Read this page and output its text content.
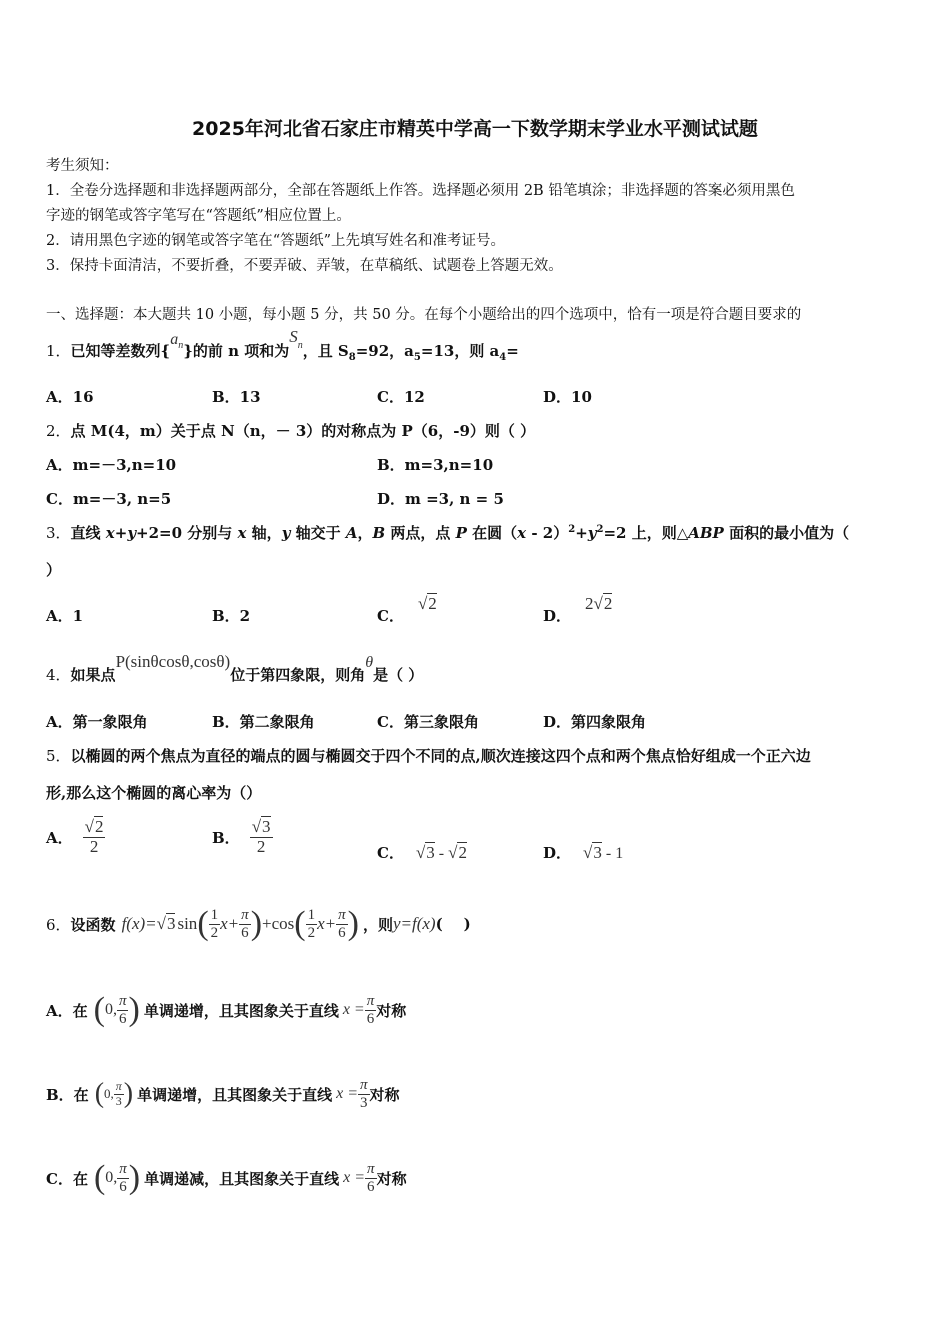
2025年河北省石家庄市精英中学高一下数学期末学业水平测试试题
考生须知：
1．全卷分选择题和非选择题两部分，全部在答题纸上作答。选择题必须用 2B 铅笔填涂；非选择题的答案必须用黑色
字迹的钢笔或答字笔写在“答题纸”相应位置上。
2．请用黑色字迹的钢笔或答字笔在“答题纸”上先填写姓名和准考证号。
3．保持卡面清洁，不要折叠，不要弄破、弄皱，在草稿纸、试题卷上答题无效。
一、选择题：本大题共 10 小题，每小题 5 分，共 50 分。在每个小题给出的四个选项中，恰有一项是符合题目要求的
1．已知等差数列$\{a_n\}$的前 n 项和为$S_n$，且 $S_8=92$，$a_5=13$，则 $a_4=$
A．16	B．13	C．12	D．10
2．点 M(4，m）关于点 N（n，－ 3）的对称点为 P（6，-9）则（ ）
A．m=－3,n=10	B．m=3,n=10
C．m=－3, n=5	D．m =3, n = 5
3．直线 x+y+2=0 分别与 x 轴，y 轴交于 A，B 两点，点 P 在圆$(x - 2)^2+y^2=2$ 上，则△ABP 面积的最小值为（
）
A．1	B．2	C．√2
D．2√2
4．如果点P(sinθcosθ,cosθ)位于第四象限，则角θ是（ ）
A．第一象限角	B．第二象限角	C．第三象限角	D．第四象限角
5．以椭圆的两个焦点为直径的端点的圆与椭圆交于四个不同的点,顺次连接这四个点和两个焦点恰好组成一个正六边
形,那么这个椭圆的离心率为（）
A． $\frac{√2}{2}$	B． $\frac{√3}{2}$	C． √3 - √2	D． √3 - 1
6． 设函数 f(x)= √3 sin ( $\frac{1}{2} x+ \frac{\pi}{6}$ ) +cos ( $\frac{1}{2} x+ \frac{\pi}{6}$ ) ，则 y=f(x) (    )
A．在 ( 0, $\frac{\pi}{6}$ ) 单调递增，且其图象关于直线 $x = \frac{\pi}{6}$ 对称
B．在 ( 0, $\frac{\pi}{3}$ ) 单调递增，且其图象关于直线 $x = \frac{\pi}{3}$ 对称
C．在 ( 0, $\frac{\pi}{6}$ ) 单调递减，且其图象关于直线 $x = \frac{\pi}{6}$ 对称
